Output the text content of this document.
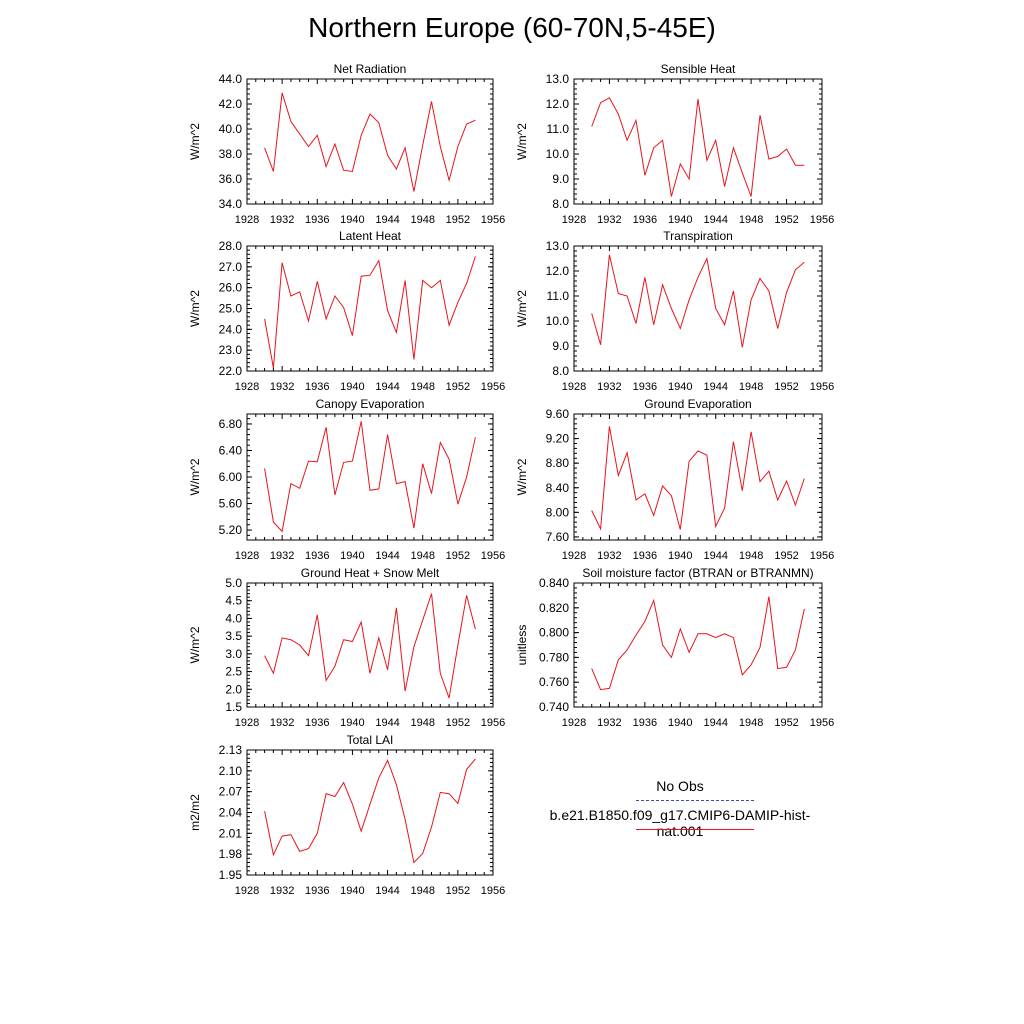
Northern Europe (60-70N,5-45E)
1928 1932 1936 1940 1944 1948 1952 1956
34.0
36.0
38.0
40.0
42.0
44.0
Net Radiation
W/m^2
1928 1932 1936 1940 1944 1948 1952 1956
8.0
9.0
10.0
11.0
12.0
13.0
Sensible Heat
W/m^2
1928 1932 1936 1940 1944 1948 1952 1956
22.0
23.0
24.0
25.0
26.0
27.0
28.0
Latent Heat
W/m^2
1928 1932 1936 1940 1944 1948 1952 1956
8.0
9.0
10.0
11.0
12.0
13.0
Transpiration
W/m^2
1928 1932 1936 1940 1944 1948 1952 1956
5.20
5.60
6.00
6.40
6.80
Canopy Evaporation
W/m^2
1928 1932 1936 1940 1944 1948 1952 1956
7.60
8.00
8.40
8.80
9.20
9.60
Ground Evaporation
W/m^2
1928 1932 1936 1940 1944 1948 1952 1956
1.5
2.0
2.5
3.0
3.5
4.0
4.5
5.0
Ground Heat + Snow Melt
W/m^2
1928 1932 1936 1940 1944 1948 1952 1956
0.740
0.760
0.780
0.800
0.820
0.840
Soil moisture factor (BTRAN or BTRANMN)
unitless
1928 1932 1936 1940 1944 1948 1952 1956
1.95
1.98
2.01
2.04
2.07
2.10
2.13
Total LAI
m2/m2
No Obs
b.e21.B1850.f09_g17.CMIP6-DAMIP-hist-nat.001
